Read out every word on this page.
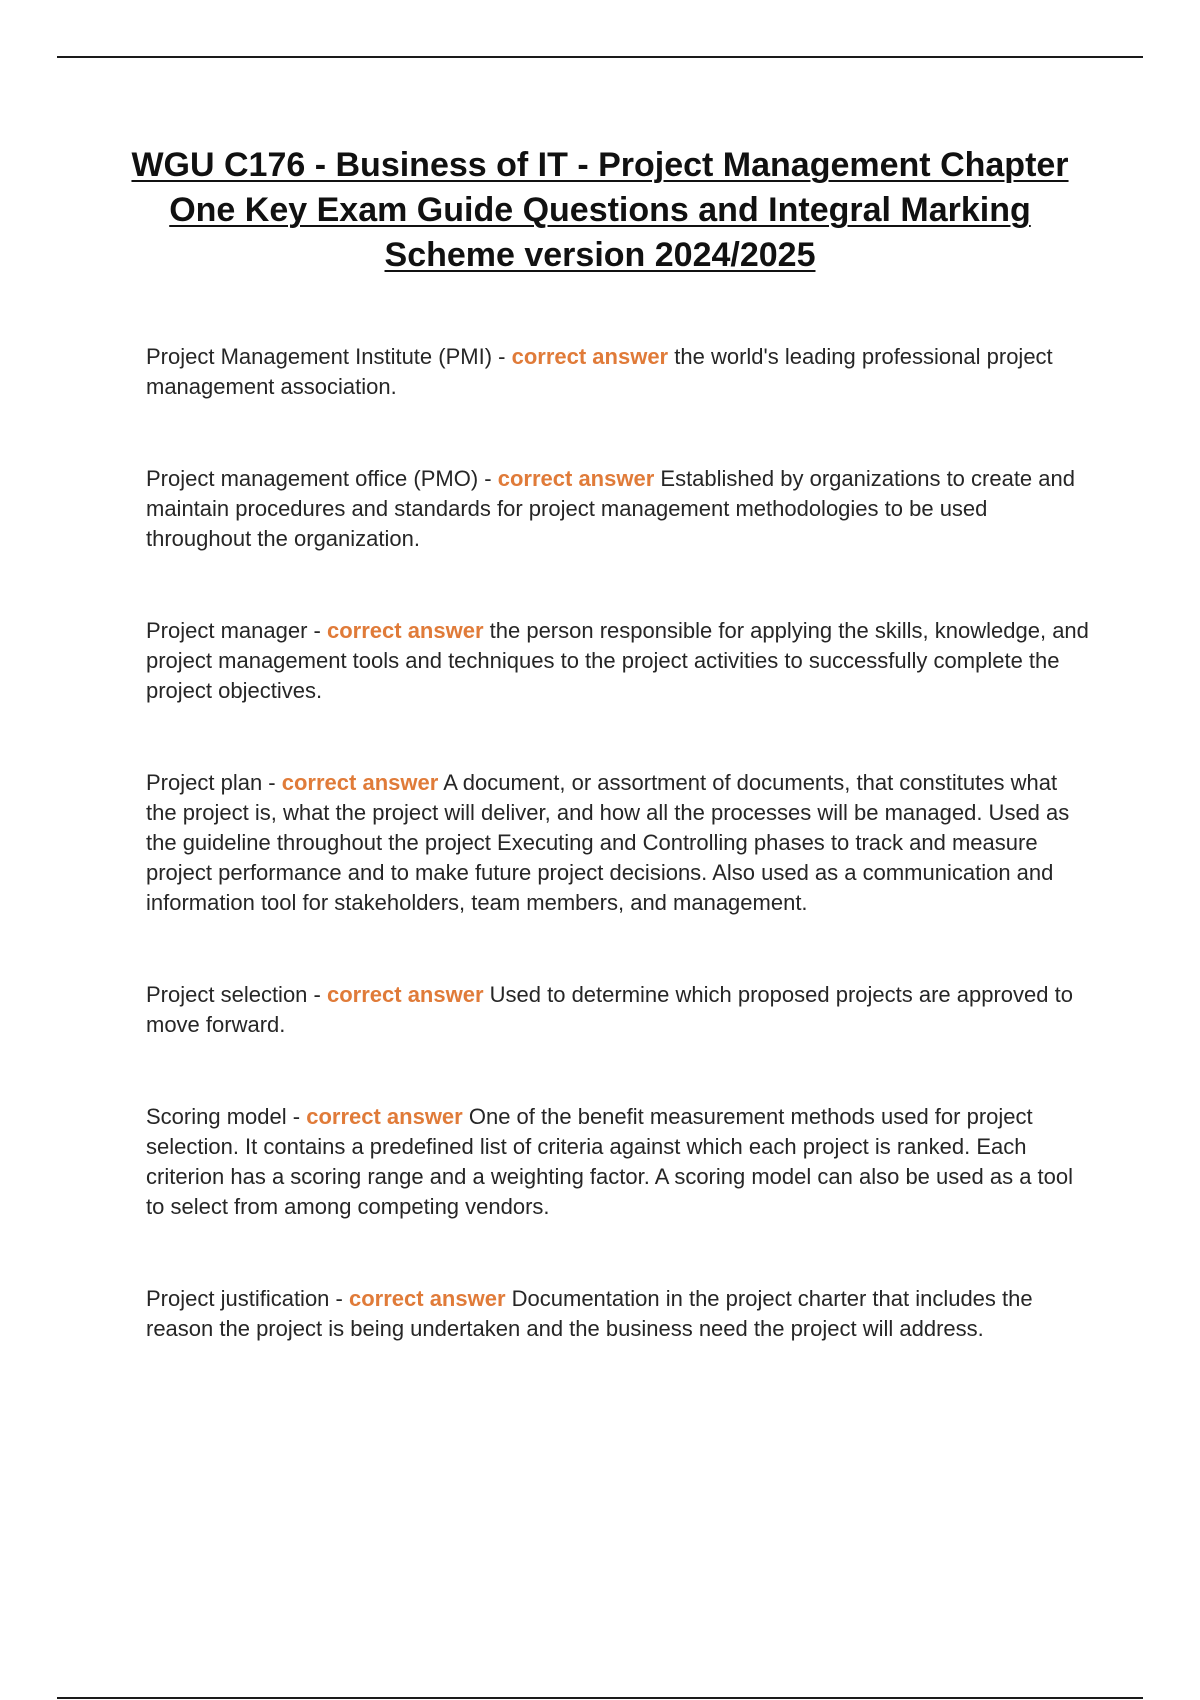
WGU C176 - Business of IT - Project Management Chapter One Key Exam Guide Questions and Integral Marking Scheme version 2024/2025

Project Management Institute (PMI) - correct answer the world's leading professional project management association.

Project management office (PMO) - correct answer Established by organizations to create and maintain procedures and standards for project management methodologies to be used throughout the organization.

Project manager - correct answer the person responsible for applying the skills, knowledge, and project management tools and techniques to the project activities to successfully complete the project objectives.

Project plan - correct answer A document, or assortment of documents, that constitutes what the project is, what the project will deliver, and how all the processes will be managed. Used as the guideline throughout the project Executing and Controlling phases to track and measure project performance and to make future project decisions. Also used as a communication and information tool for stakeholders, team members, and management.

Project selection - correct answer Used to determine which proposed projects are approved to move forward.

Scoring model - correct answer One of the benefit measurement methods used for project selection. It contains a predefined list of criteria against which each project is ranked. Each criterion has a scoring range and a weighting factor. A scoring model can also be used as a tool to select from among competing vendors.

Project justification - correct answer Documentation in the project charter that includes the reason the project is being undertaken and the business need the project will address.
